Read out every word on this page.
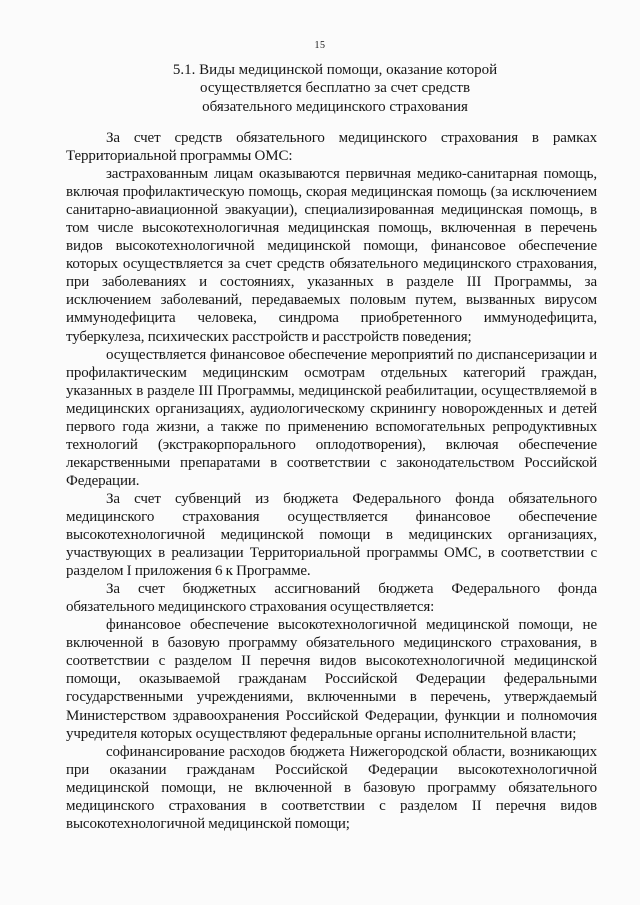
15
5.1. Виды медицинской помощи, оказание которой
осуществляется бесплатно за счет средств
обязательного медицинского страхования

За счет средств обязательного медицинского страхования в рамках Территориальной программы ОМС:

застрахованным лицам оказываются первичная медико-санитарная помощь, включая профилактическую помощь, скорая медицинская помощь (за исключением санитарно-авиационной эвакуации), специализированная медицинская помощь, в том числе высокотехнологичная медицинская помощь, включенная в перечень видов высокотехнологичной медицинской помощи, финансовое обеспечение которых осуществляется за счет средств обязательного медицинского страхования, при заболеваниях и состояниях, указанных в разделе III Программы, за исключением заболеваний, передаваемых половым путем, вызванных вирусом иммунодефицита человека, синдрома приобретенного иммунодефицита, туберкулеза, психических расстройств и расстройств поведения;

осуществляется финансовое обеспечение мероприятий по диспансеризации и профилактическим медицинским осмотрам отдельных категорий граждан, указанных в разделе III Программы, медицинской реабилитации, осуществляемой в медицинских организациях, аудиологическому скринингу новорожденных и детей первого года жизни, а также по применению вспомогательных репродуктивных технологий (экстракорпорального оплодотворения), включая обеспечение лекарственными препаратами в соответствии с законодательством Российской Федерации.

За счет субвенций из бюджета Федерального фонда обязательного медицинского страхования осуществляется финансовое обеспечение высокотехнологичной медицинской помощи в медицинских организациях, участвующих в реализации Территориальной программы ОМС, в соответствии с разделом I приложения 6 к Программе.

За счет бюджетных ассигнований бюджета Федерального фонда обязательного медицинского страхования осуществляется:

финансовое обеспечение высокотехнологичной медицинской помощи, не включенной в базовую программу обязательного медицинского страхования, в соответствии с разделом II перечня видов высокотехнологичной медицинской помощи, оказываемой гражданам Российской Федерации федеральными государственными учреждениями, включенными в перечень, утверждаемый Министерством здравоохранения Российской Федерации, функции и полномочия учредителя которых осуществляют федеральные органы исполнительной власти;

софинансирование расходов бюджета Нижегородской области, возникающих при оказании гражданам Российской Федерации высокотехнологичной медицинской помощи, не включенной в базовую программу обязательного медицинского страхования в соответствии с разделом II перечня видов высокотехнологичной медицинской помощи;
